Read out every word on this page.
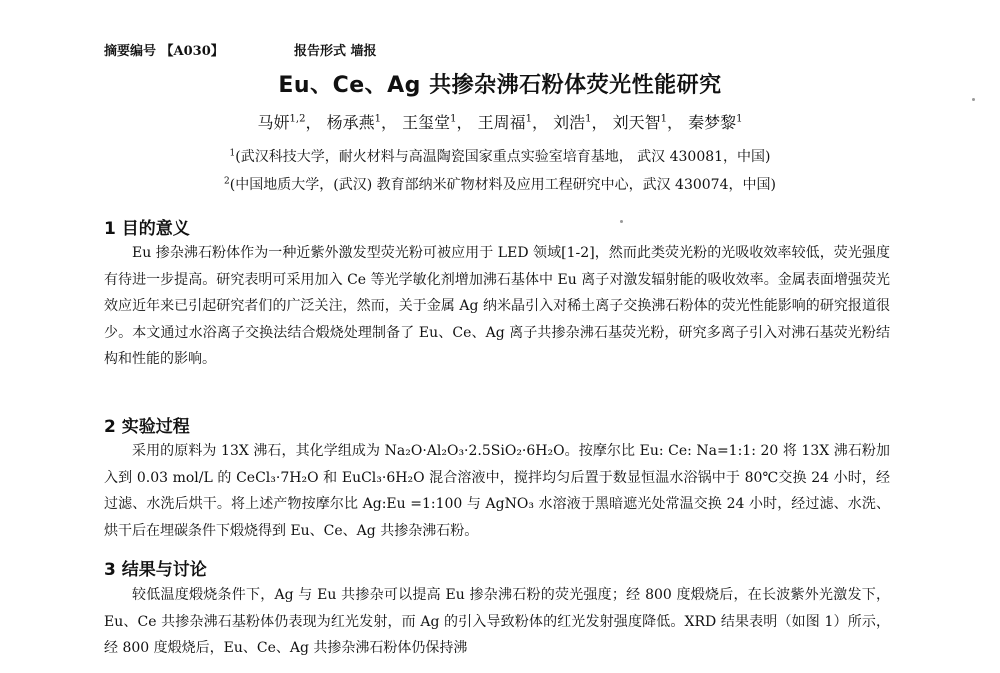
摘要编号 【A030】	报告形式 墙报
Eu、Ce、Ag 共掺杂沸石粉体荧光性能研究
马妍$^{1,2}$， 杨承燕$^1$， 王玺堂$^1$， 王周福$^1$， 刘浩$^1$， 刘天智$^1$， 秦梦黎$^1$
$^1$(武汉科技大学，耐火材料与高温陶瓷国家重点实验室培育基地， 武汉 430081，中国)
$^2$(中国地质大学，(武汉) 教育部纳米矿物材料及应用工程研究中心，武汉 430074，中国)
1 目的意义

Eu 掺杂沸石粉体作为一种近紫外激发型荧光粉可被应用于 LED 领域[1-2]，然而此类荧光粉的光吸收效率较低，荧光强度有待进一步提高。研究表明可采用加入 Ce 等光学敏化剂增加沸石基体中 Eu 离子对激发辐射能的吸收效率。金属表面增强荧光效应近年来已引起研究者们的广泛关注，然而，关于金属 Ag 纳米晶引入对稀土离子交换沸石粉体的荧光性能影响的研究报道很少。本文通过水浴离子交换法结合煅烧处理制备了 Eu、Ce、Ag 离子共掺杂沸石基荧光粉，研究多离子引入对沸石基荧光粉结构和性能的影响。

2 实验过程

采用的原料为 13X 沸石，其化学组成为 Na₂O·Al₂O₃·2.5SiO₂·6H₂O。按摩尔比 Eu: Ce: Na=1:1: 20 将 13X 沸石粉加入到 0.03 mol/L 的 CeCl₃·7H₂O 和 EuCl₃·6H₂O 混合溶液中，搅拌均匀后置于数显恒温水浴锅中于 80℃交换 24 小时，经过滤、水洗后烘干。将上述产物按摩尔比 Ag:Eu =1:100 与 AgNO₃ 水溶液于黑暗遮光处常温交换 24 小时，经过滤、水洗、烘干后在埋碳条件下煅烧得到 Eu、Ce、Ag 共掺杂沸石粉。

3 结果与讨论

较低温度煅烧条件下，Ag 与 Eu 共掺杂可以提高 Eu 掺杂沸石粉的荧光强度；经 800 度煅烧后，在长波紫外光激发下，Eu、Ce 共掺杂沸石基粉体仍表现为红光发射，而 Ag 的引入导致粉体的红光发射强度降低。XRD 结果表明（如图 1）所示，经 800 度煅烧后，Eu、Ce、Ag 共掺杂沸石粉体仍保持沸
